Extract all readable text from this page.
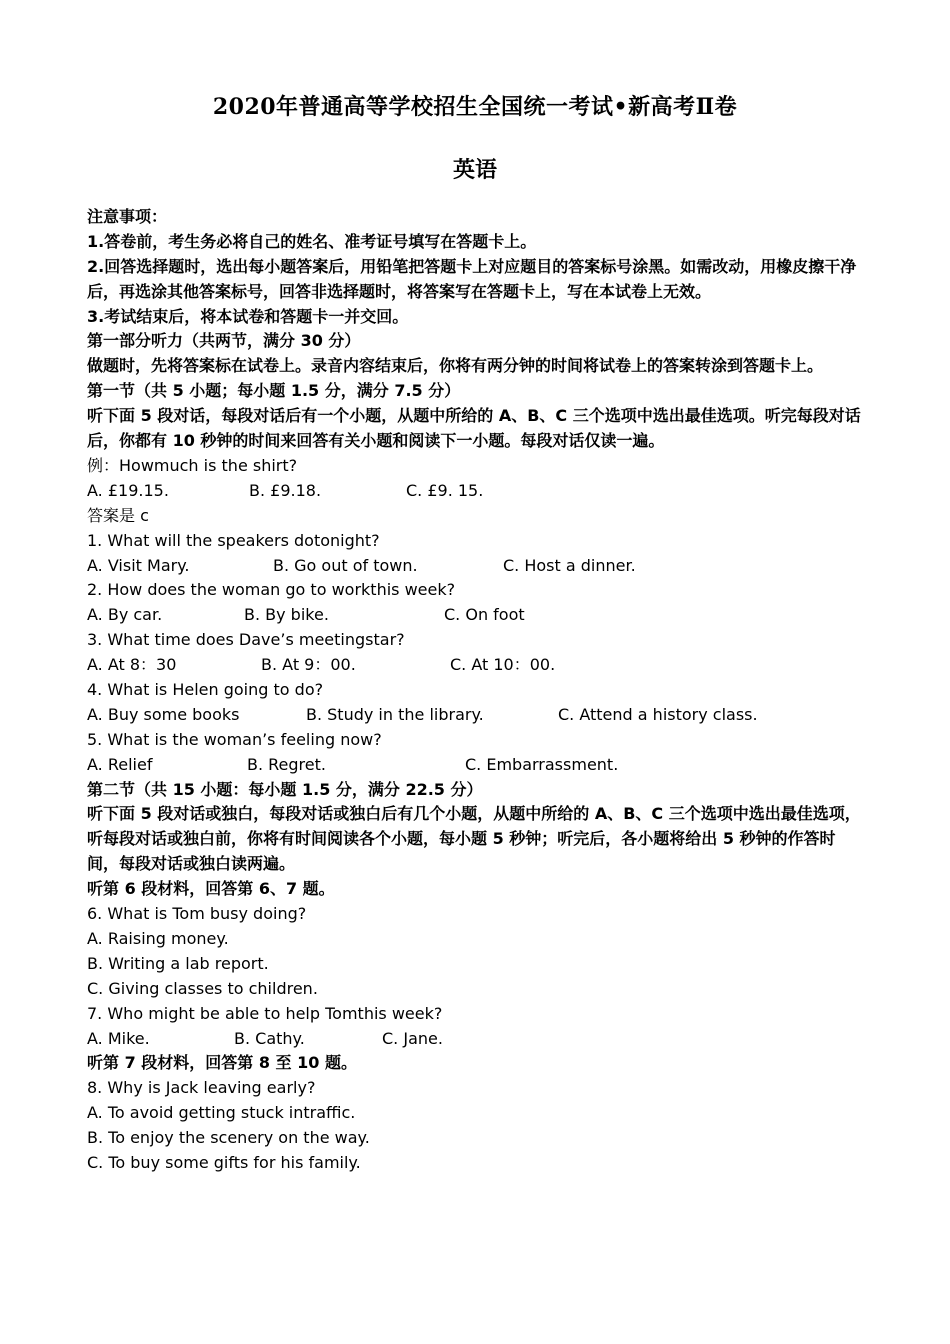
2020年普通高等学校招生全国统一考试•新高考Ⅱ卷
英语
注意事项：
1.答卷前，考生务必将自己的姓名、准考证号填写在答题卡上。
2.回答选择题时，选出每小题答案后，用铅笔把答题卡上对应题目的答案标号涂黑。如需改动，用橡皮擦干净后，再选涂其他答案标号，回答非选择题时，将答案写在答题卡上，写在本试卷上无效。
3.考试结束后，将本试卷和答题卡一并交回。
第一部分听力（共两节，满分 30 分）
做题时，先将答案标在试卷上。录音内容结束后，你将有两分钟的时间将试卷上的答案转涂到答题卡上。
第一节（共 5 小题；每小题 1.5 分，满分 7.5 分）
听下面 5 段对话，每段对话后有一个小题，从题中所给的 A、B、C 三个选项中选出最佳选项。听完每段对话后，你都有 10 秒钟的时间来回答有关小题和阅读下一小题。每段对话仅读一遍。
例：Howmuch is the shirt?
A. £19.15.	B. £9.18.	C. £9. 15.
答案是 c
1. What will the speakers dotonight?
A. Visit Mary.	B. Go out of town.	C. Host a dinner.
2. How does the woman go to workthis week?
A. By car.	B. By bike.	C. On foot
3. What time does Dave’s meetingstar?
A. At 8：30	B. At 9：00.	C. At 10：00.
4. What is Helen going to do?
A. Buy some books	B. Study in the library.	C. Attend a history class.
5. What is the woman’s feeling now?
A. Relief	B. Regret.	C. Embarrassment.
第二节（共 15 小题：每小题 1.5 分，满分 22.5 分）
听下面 5 段对话或独白，每段对话或独白后有几个小题，从题中所给的 A、B、C 三个选项中选出最佳选项，听每段对话或独白前，你将有时间阅读各个小题，每小题 5 秒钟；听完后，各小题将给出 5 秒钟的作答时间，每段对话或独白读两遍。
听第 6 段材料，回答第 6、7 题。
6. What is Tom busy doing?
A. Raising money.
B. Writing a lab report.
C. Giving classes to children.
7. Who might be able to help Tomthis week?
A. Mike.	B. Cathy.	C. Jane.
听第 7 段材料，回答第 8 至 10 题。
8. Why is Jack leaving early?
A. To avoid getting stuck intraffic.
B. To enjoy the scenery on the way.
C. To buy some gifts for his family.
